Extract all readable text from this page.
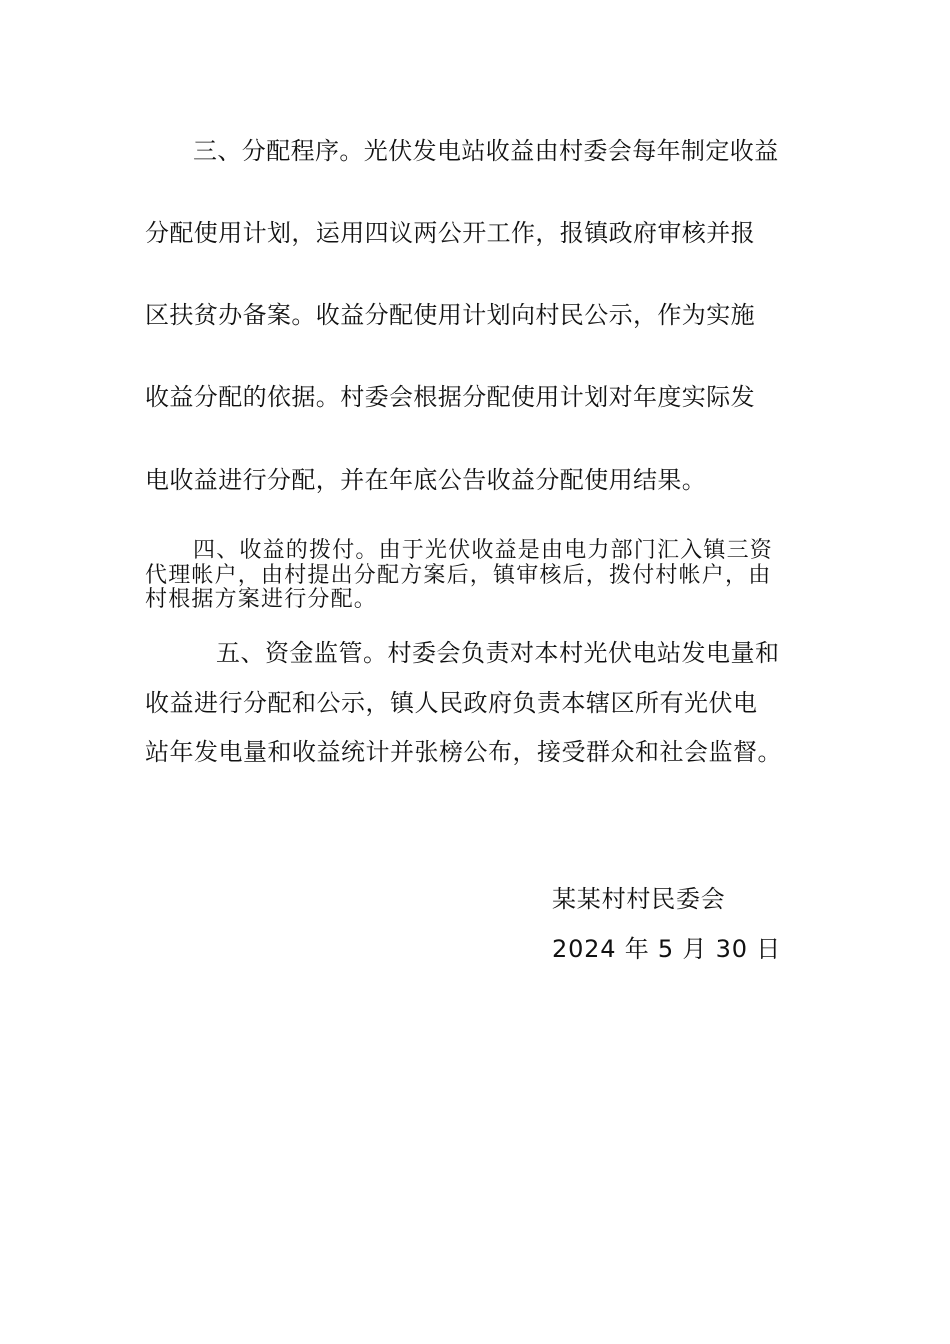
三、分配程序。光伏发电站收益由村委会每年制定收益
分配使用计划，运用四议两公开工作，报镇政府审核并报
区扶贫办备案。收益分配使用计划向村民公示，作为实施
收益分配的依据。村委会根据分配使用计划对年度实际发
电收益进行分配，并在年底公告收益分配使用结果。
四、收益的拨付。由于光伏收益是由电力部门汇入镇三资
代理帐户，由村提出分配方案后，镇审核后，拨付村帐户，由
村根据方案进行分配。
五、资金监管。村委会负责对本村光伏电站发电量和
收益进行分配和公示，镇人民政府负责本辖区所有光伏电
站年发电量和收益统计并张榜公布，接受群众和社会监督。
某某村村民委会
2024 年 5 月 30 日
